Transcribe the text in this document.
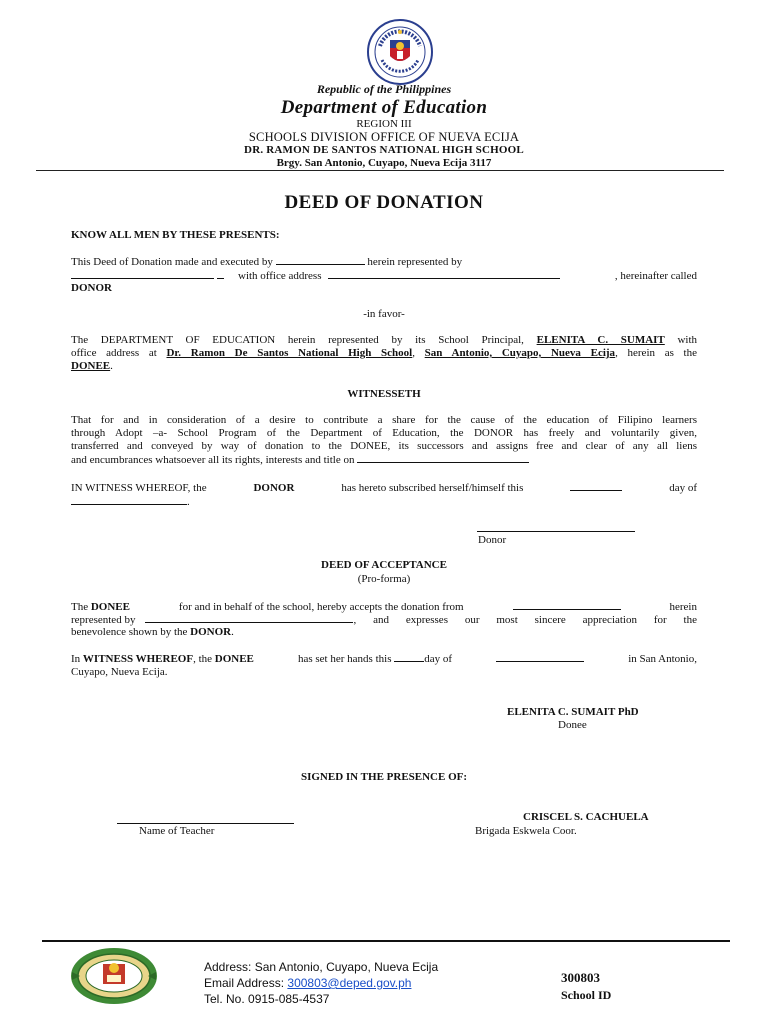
Republic of the Philippines
Department of Education
REGION III
SCHOOLS DIVISION OFFICE OF NUEVA ECIJA
DR. RAMON DE SANTOS NATIONAL HIGH SCHOOL
Brgy. San Antonio, Cuyapo, Nueva Ecija 3117
DEED OF DONATION
KNOW ALL MEN BY THESE PRESENTS:
This Deed of Donation made and executed by	herein represented by
with office address	, hereinafter called
DONOR
-in favor-
The DEPARTMENT OF EDUCATION herein represented by its School Principal, ELENITA C. SUMAIT with
office address at Dr. Ramon De Santos National High School, San Antonio, Cuyapo, Nueva Ecija, herein as the
DONEE.
WITNESSETH
That for and in consideration of a desire to contribute a share for the cause of the education of Filipino learners
through Adopt –a- School Program of the Department of Education, the DONOR has freely and voluntarily given,
transferred and conveyed by way of donation to the DONEE, its successors and assigns free and clear of any all liens
and encumbrances whatsoever all its rights, interests and title on
IN WITNESS WHEREOF, the	DONOR	has hereto subscribed herself/himself this	day of
.
Donor
DEED OF ACCEPTANCE
(Pro-forma)
The DONEE	for and in behalf of the school, hereby accepts the donation from	herein
represented by	, and expresses our most sincere appreciation for the
benevolence shown by the DONOR.
In WITNESS WHEREOF, the DONEE	has set her hands this	day of	in San Antonio,
Cuyapo, Nueva Ecija.
ELENITA C. SUMAIT PhD
Donee
SIGNED IN THE PRESENCE OF:
CRISCEL S. CACHUELA
Name of Teacher	Brigada Eskwela Coor.
Address: San Antonio, Cuyapo, Nueva Ecija
Email Address: 300803@deped.gov.ph
Tel. No. 0915-085-4537
300803
School ID
